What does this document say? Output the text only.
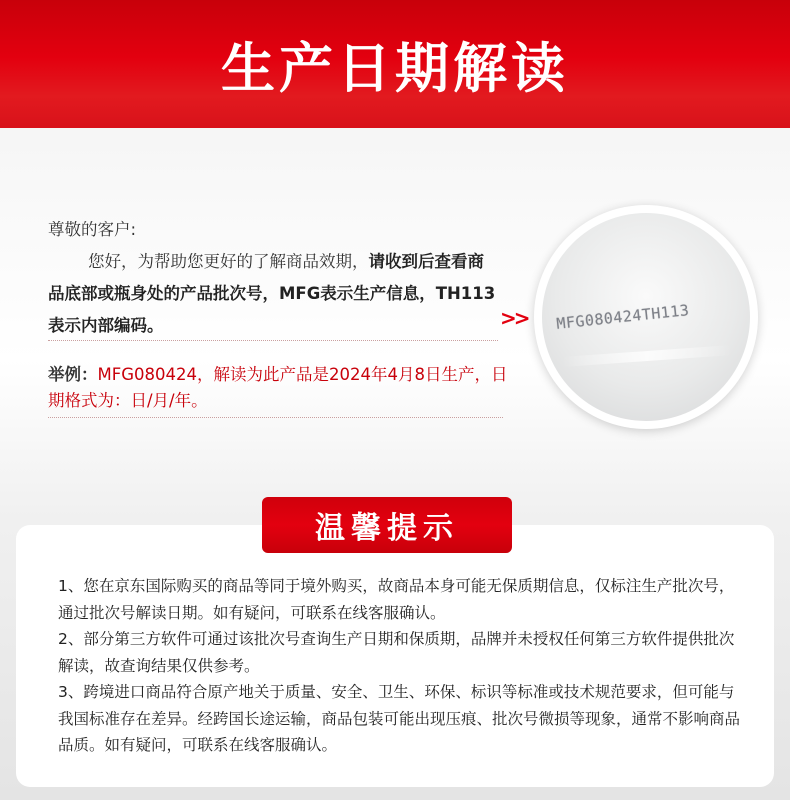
生产日期解读
尊敬的客户:
您好，为帮助您更好的了解商品效期，请收到后查看商品底部或瓶身处的产品批次号，MFG表示生产信息，TH113表示内部编码。	>>
举例：MFG080424，解读为此产品是2024年4月8日生产，日期格式为：日/月/年。
MFG080424TH113
温馨提示

1、您在京东国际购买的商品等同于境外购买，故商品本身可能无保质期信息，仅标注生产批次号，通过批次号解读日期。如有疑问，可联系在线客服确认。

2、部分第三方软件可通过该批次号查询生产日期和保质期，品牌并未授权任何第三方软件提供批次解读，故查询结果仅供参考。

3、跨境进口商品符合原产地关于质量、安全、卫生、环保、标识等标准或技术规范要求，但可能与我国标准存在差异。经跨国长途运输，商品包装可能出现压痕、批次号微损等现象，通常不影响商品品质。如有疑问，可联系在线客服确认。
